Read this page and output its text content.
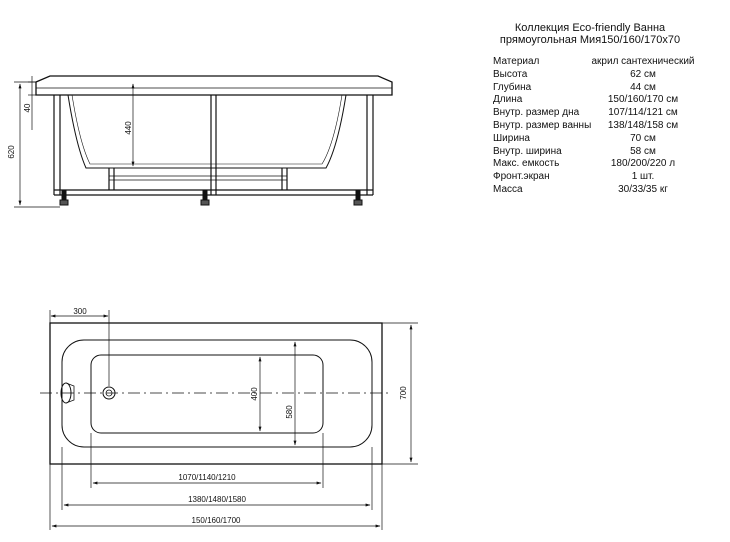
620
40
440
300
400
580
700
1070/1140/1210
1380/1480/1580
150/160/1700
Коллекция Eco-friendly Ванна
прямоугольная Мия150/160/170х70
Материал	акрил сантехнический
Высота	62 см
Глубина	44 см
Длина	150/160/170 см
Внутр. размер дна	107/114/121 см
Внутр. размер ванны	138/148/158 см
Ширина	70 см
Внутр. ширина	58 см
Макс. емкость	180/200/220 л
Фронт.экран	1 шт.
Масса	30/33/35 кг
